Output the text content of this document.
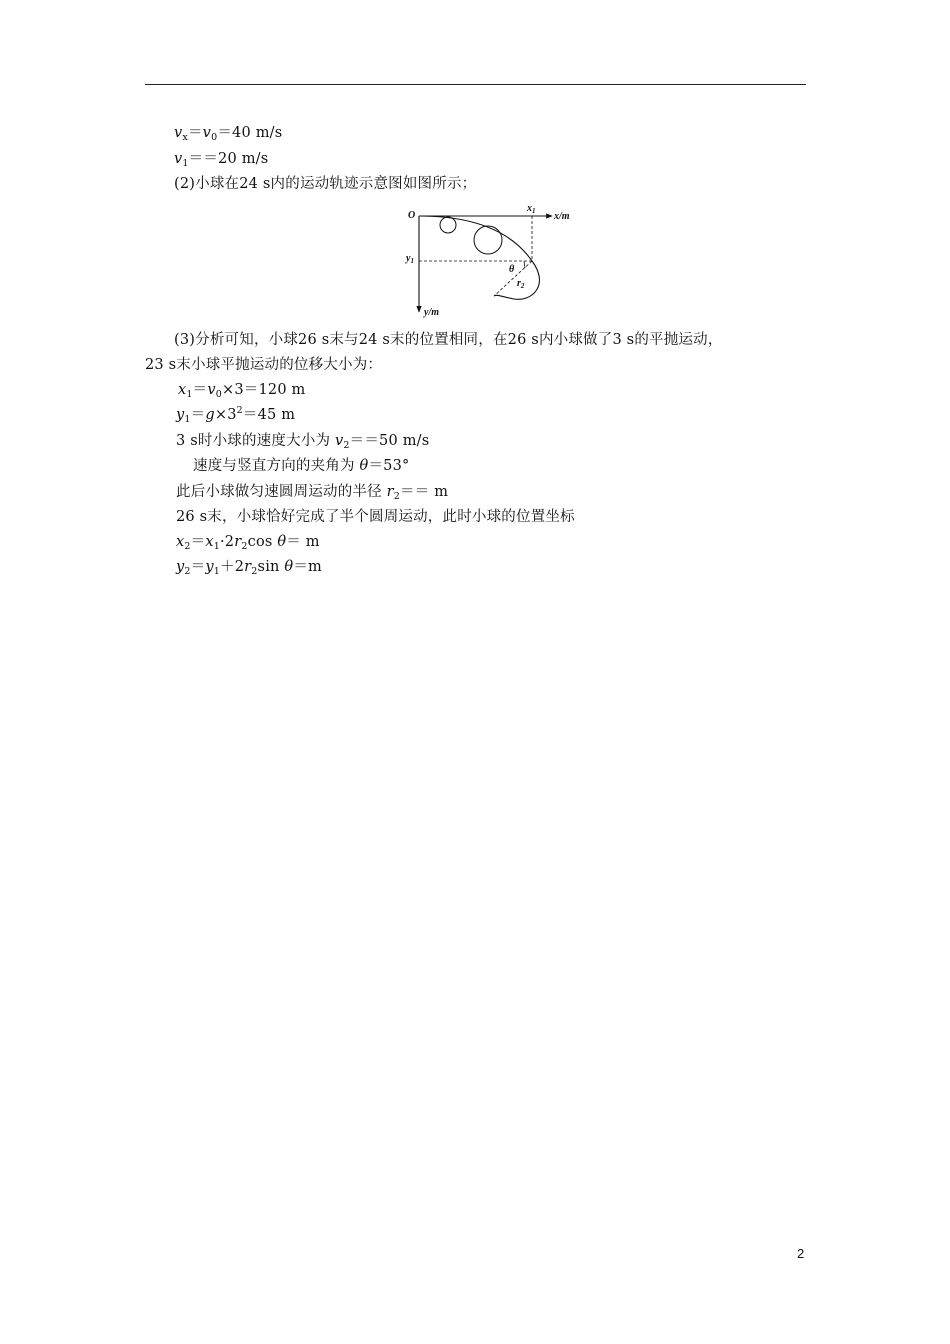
$v_x=v_0=40$ m/s
$v_1==20$ m/s
(2)小球在24 s内的运动轨迹示意图如图所示；
O	x/m
y/m
$x_1$
$y_1$
θ
$r_2$
(3)分析可知，小球26 s末与24 s末的位置相同，在26 s内小球做了3 s的平抛运动，
23 s末小球平抛运动的位移大小为：
$x_1=v_0\times 3=120$ m
$y_1=g\times 3^2=45$ m
3 s时小球的速度大小为 $v_2==50$ m/s
速度与竖直方向的夹角为 θ＝53°
此后小球做匀速圆周运动的半径 $r_2== m$
26 s末，小球恰好完成了半个圆周运动，此时小球的位置坐标
$x_2=x_1\cdot 2r_2\cos$ θ＝ m
$y_2=y_1+2r_2\sin$ θ＝m
2
